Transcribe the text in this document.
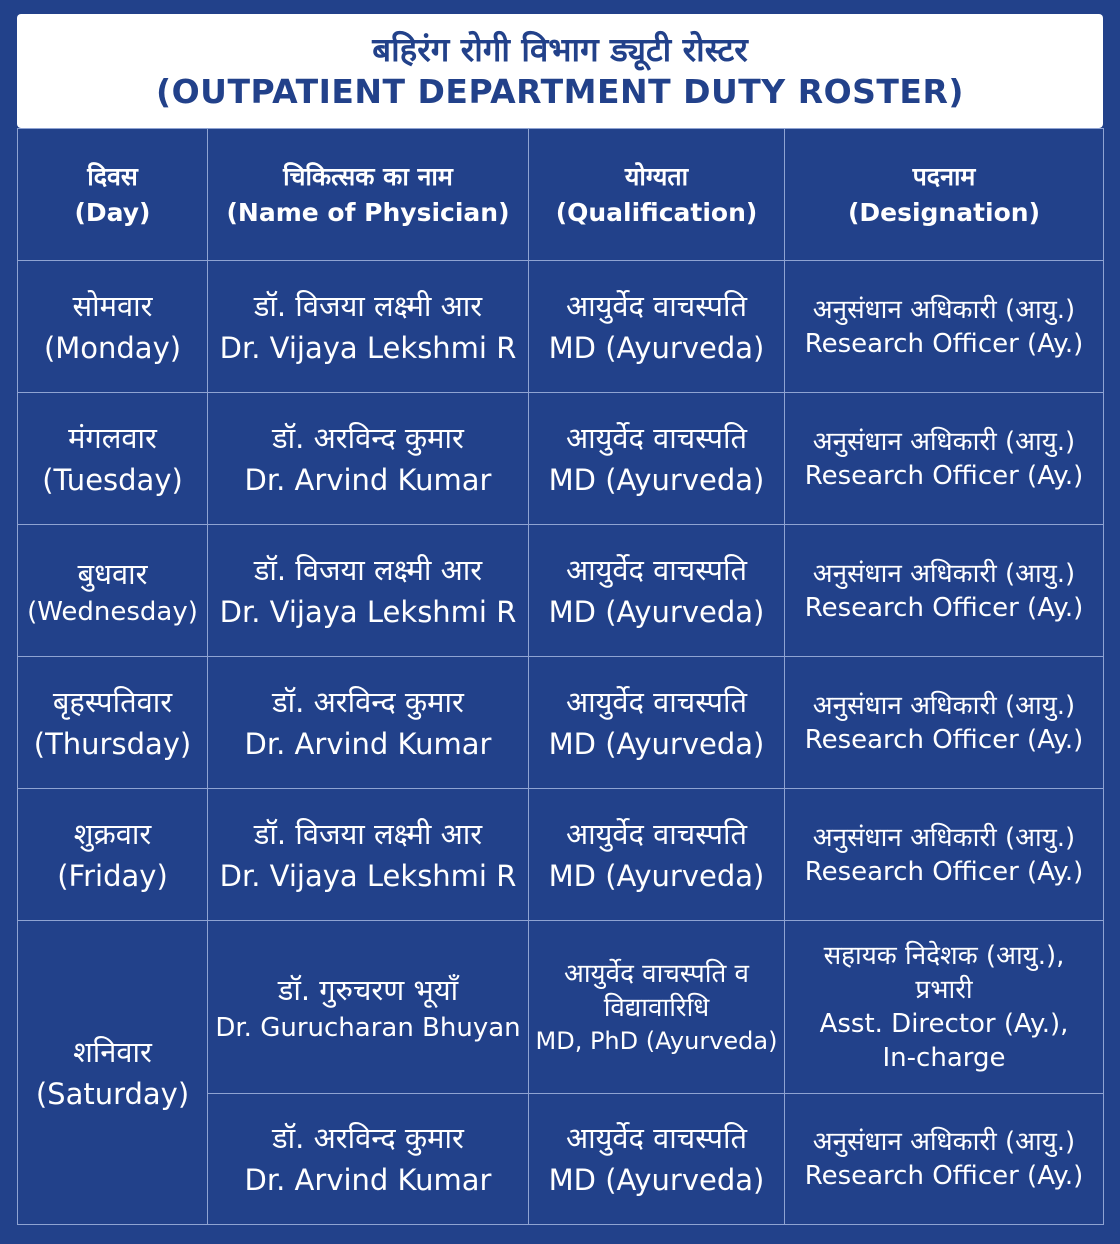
बहिरंग रोगी विभाग ड्यूटी रोस्टर
(OUTPATIENT DEPARTMENT DUTY ROSTER)
दिवस
(Day)	चिकित्सक का नाम
(Name of Physician)	योग्यता
(Qualification)	पदनाम
(Designation)

सोमवार
(Monday)	डॉ. विजया लक्ष्मी आर
Dr. Vijaya Lekshmi R	आयुर्वेद वाचस्पति
MD (Ayurveda)	अनुसंधान अधिकारी (आयु.)
Research Officer (Ay.)

मंगलवार
(Tuesday)	डॉ. अरविन्द कुमार
Dr. Arvind Kumar	आयुर्वेद वाचस्पति
MD (Ayurveda)	अनुसंधान अधिकारी (आयु.)
Research Officer (Ay.)

बुधवार
(Wednesday)	डॉ. विजया लक्ष्मी आर
Dr. Vijaya Lekshmi R	आयुर्वेद वाचस्पति
MD (Ayurveda)	अनुसंधान अधिकारी (आयु.)
Research Officer (Ay.)

बृहस्पतिवार
(Thursday)	डॉ. अरविन्द कुमार
Dr. Arvind Kumar	आयुर्वेद वाचस्पति
MD (Ayurveda)	अनुसंधान अधिकारी (आयु.)
Research Officer (Ay.)

शुक्रवार
(Friday)	डॉ. विजया लक्ष्मी आर
Dr. Vijaya Lekshmi R	आयुर्वेद वाचस्पति
MD (Ayurveda)	अनुसंधान अधिकारी (आयु.)
Research Officer (Ay.)

शनिवार
(Saturday)	डॉ. गुरुचरण भूयाँ
Dr. Gurucharan Bhuyan	आयुर्वेद वाचस्पति व
विद्यावारिधि
MD, PhD (Ayurveda)	सहायक निदेशक (आयु.),
प्रभारी
Asst. Director (Ay.),
In-charge

	डॉ. अरविन्द कुमार
Dr. Arvind Kumar	आयुर्वेद वाचस्पति
MD (Ayurveda)	अनुसंधान अधिकारी (आयु.)
Research Officer (Ay.)
